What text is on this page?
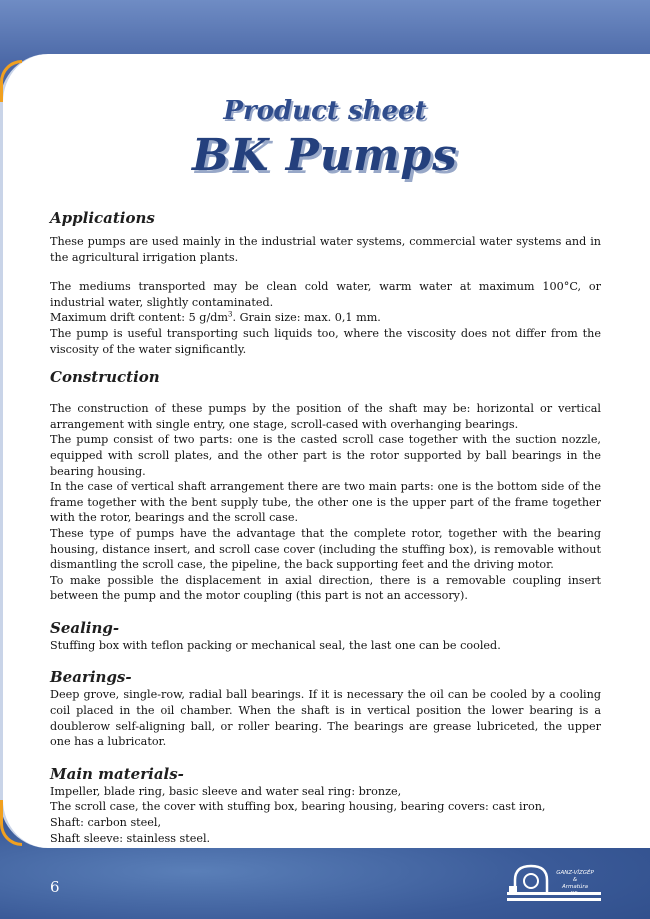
Product sheet
BK Pumps
Applications

These pumps are used mainly in the industrial water systems, commercial water systems and in the agricultural irrigation plants.

The mediums transported may be clean cold water, warm water at maximum 100°C, or industrial water, slightly contaminated.

Maximum drift content: 5 $g/dm^3$. Grain size: max. 0,1 mm.

The pump is useful transporting such liquids too, where the viscosity does not differ from the viscosity of the water significantly.

Construction

The construction of these pumps by the position of the shaft may be: horizontal or vertical arrangement with single entry, one stage, scroll-cased with overhanging bearings.

The pump consist of two parts: one is the casted scroll case together with the suction nozzle, equipped with scroll plates, and the other part is the rotor supported by ball bearings in the bearing housing.

In the case of vertical shaft arrangement there are two main parts: one is the bottom side of the frame together with the bent supply tube, the other one is the upper part of the frame together with the rotor, bearings and the scroll case.

These type of pumps have the advantage that the complete rotor, together with the bearing housing, distance insert, and scroll case cover (including the stuffing box), is removable without dismantling the scroll case, the pipeline, the back supporting feet and the driving motor.

To make possible the displacement in axial direction, there is a removable coupling insert between the pump and the motor coupling (this part is not an accessory).

Sealing-

Stuffing box with teflon packing or mechanical seal, the last one can be cooled.

Bearings-

Deep grove, single-row, radial ball bearings. If it is necessary the oil can be cooled by a cooling coil placed in the oil chamber. When the shaft is in vertical position the lower bearing is a doublerow self-aligning ball, or roller bearing. The bearings are grease lubriceted, the upper one has a lubricator.

Main materials-

Impeller, blade ring, basic sleeve and water seal ring: bronze,

The scroll case, the cover with stuffing box, bearing housing, bearing covers: cast iron,

Shaft: carbon steel,

Shaft sleeve: stainless steel.

6
GANZ-VÍZGÉP
&
Armatúra
Kft.
